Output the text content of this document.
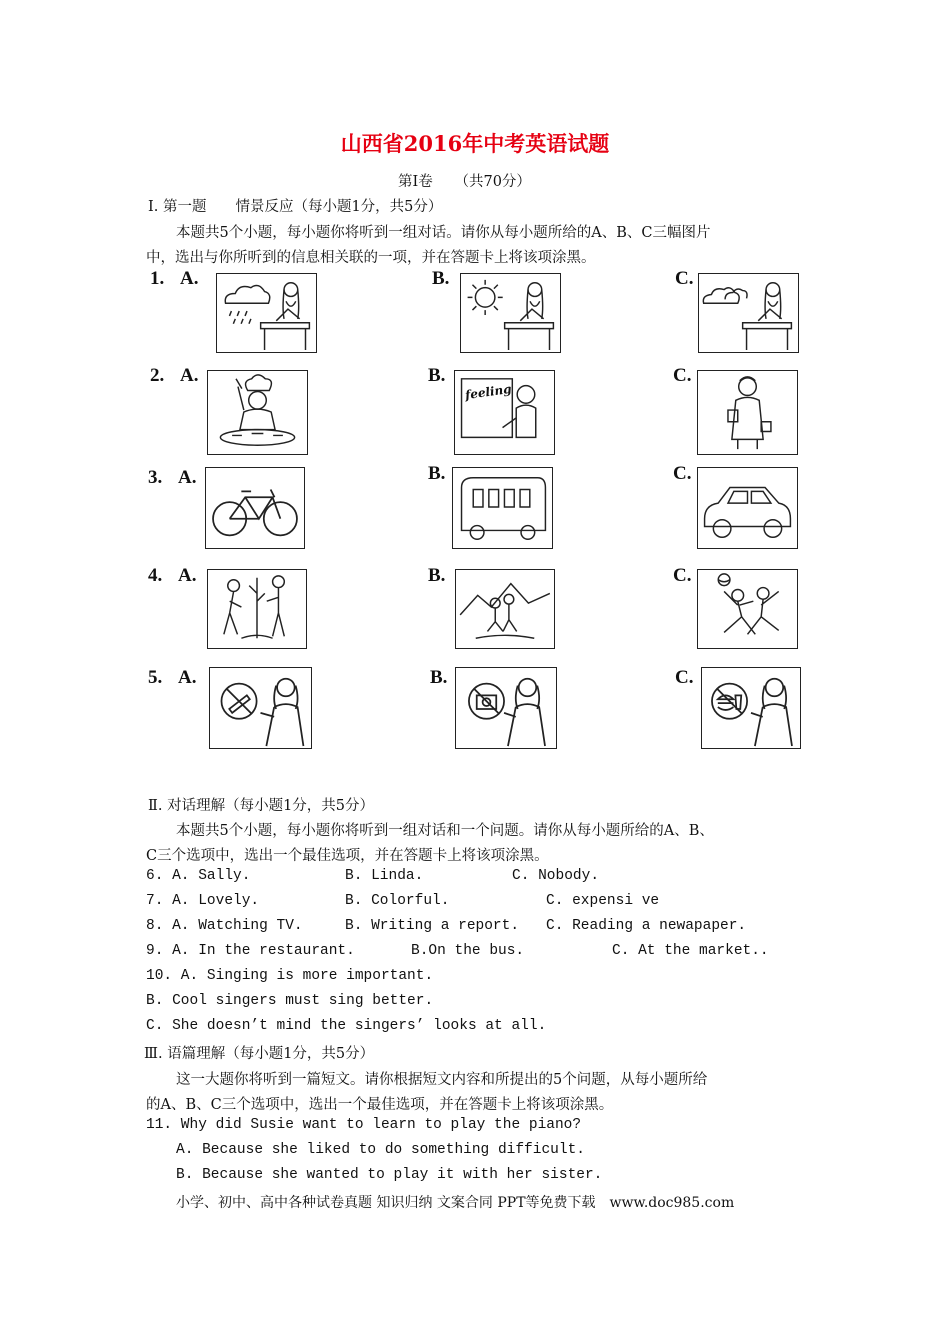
山西省2016年中考英语试题
第Ⅰ卷　　（共70分）
Ⅰ. 第一题　　情景反应（每小题1分，共5分）
本题共5个小题，每小题你将听到一组对话。请你从每小题所给的A、B、C三幅图片
中，选出与你所听到的信息相关联的一项，并在答题卡上将该项涂黑。
1. A.	B.	C.
2. A.	B.	C.
feeling
3. A.	B.	C.
4. A.	B.	C.
5. A.	B.	C.
Ⅱ. 对话理解（每小题1分，共5分）
本题共5个小题，每小题你将听到一组对话和一个问题。请你从每小题所给的A、B、
C三个选项中，选出一个最佳选项，并在答题卡上将该项涂黑。
6. A. Sally.	B. Linda.	C. Nobody.
7. A. Lovely.	B. Colorful.	C. expensi ve
8. A. Watching TV.	B. Writing a report. C. Reading a newapaper.
9. A. In the restaurant.	B.On the bus.	C. At the market..
10. A. Singing is more important.
B. Cool singers must sing better.
C. She doesn’t mind the singers’ looks at all.
Ⅲ. 语篇理解（每小题1分，共5分）
这一大题你将听到一篇短文。请你根据短文内容和所提出的5个问题，从每小题所给
的A、B、C三个选项中，选出一个最佳选项，并在答题卡上将该项涂黑。
11. Why did Susie want to learn to play the piano?
A. Because she liked to do something difficult.
B. Because she wanted to play it with her sister.
小学、初中、高中各种试卷真题 知识归纳 文案合同 PPT等免费下载　www.doc985.com
